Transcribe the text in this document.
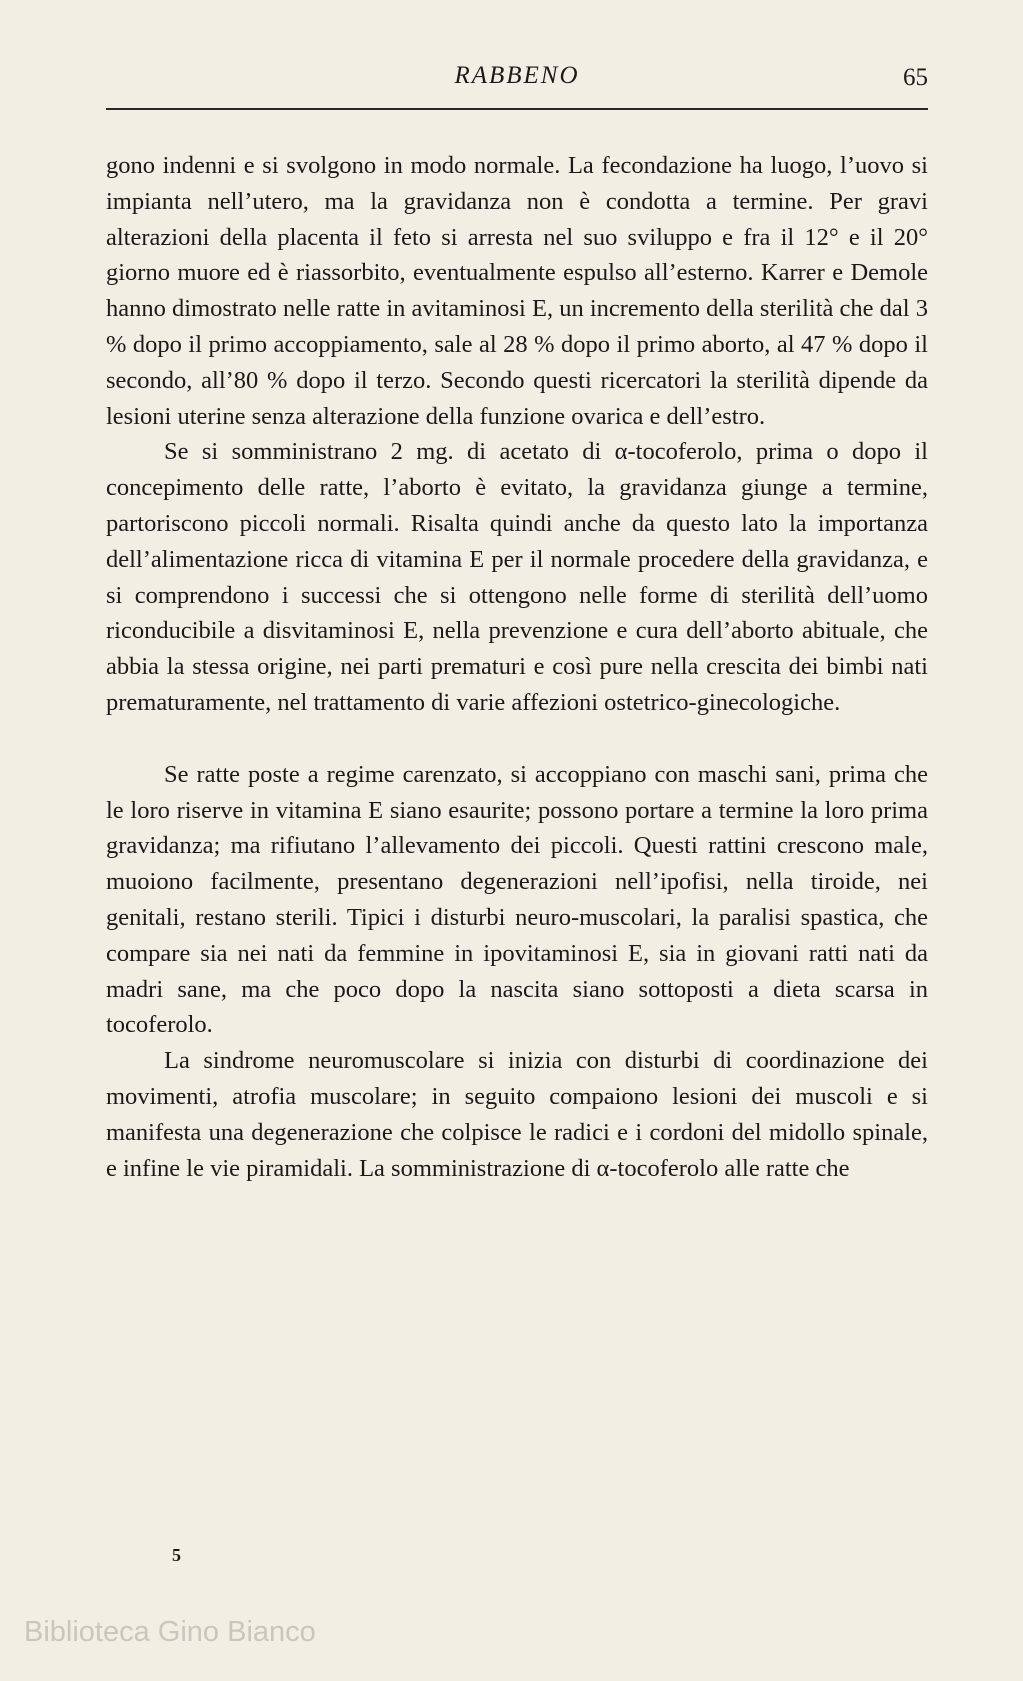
RABBENO	65

gono indenni e si svolgono in modo normale. La fecondazione ha luogo, l’uovo si impianta nell’utero, ma la gravidanza non è condotta a termine. Per gravi alterazioni della placenta il feto si arresta nel suo sviluppo e fra il 12° e il 20° giorno muore ed è riassorbito, eventualmente espulso all’esterno. Karrer e Demole hanno dimostrato nelle ratte in avitaminosi E, un incremento della sterilità che dal 3 % dopo il primo accoppiamento, sale al 28 % dopo il primo aborto, al 47 % dopo il secondo, all’80 % dopo il terzo. Secondo questi ricercatori la sterilità dipende da lesioni uterine senza alterazione della funzione ovarica e dell’estro.

Se si somministrano 2 mg. di acetato di α-tocoferolo, prima o dopo il concepimento delle ratte, l’aborto è evitato, la gravidanza giunge a termine, partoriscono piccoli normali. Risalta quindi anche da questo lato la importanza dell’alimentazione ricca di vitamina E per il normale procedere della gravidanza, e si comprendono i successi che si ottengono nelle forme di sterilità dell’uomo riconducibile a disvitaminosi E, nella prevenzione e cura dell’aborto abituale, che abbia la stessa origine, nei parti prematuri e così pure nella crescita dei bimbi nati prematuramente, nel trattamento di varie affezioni ostetrico-ginecologiche.

Se ratte poste a regime carenzato, si accoppiano con maschi sani, prima che le loro riserve in vitamina E siano esaurite; possono portare a termine la loro prima gravidanza; ma rifiutano l’allevamento dei piccoli. Questi rattini crescono male, muoiono facilmente, presentano degenerazioni nell’ipofisi, nella tiroide, nei genitali, restano sterili. Tipici i disturbi neuro-muscolari, la paralisi spastica, che compare sia nei nati da femmine in ipovitaminosi E, sia in giovani ratti nati da madri sane, ma che poco dopo la nascita siano sottoposti a dieta scarsa in tocoferolo.

La sindrome neuromuscolare si inizia con disturbi di coordinazione dei movimenti, atrofia muscolare; in seguito compaiono lesioni dei muscoli e si manifesta una degenerazione che colpisce le radici e i cordoni del midollo spinale, e infine le vie piramidali. La somministrazione di α-tocoferolo alle ratte che

5
Biblioteca Gino Bianco
